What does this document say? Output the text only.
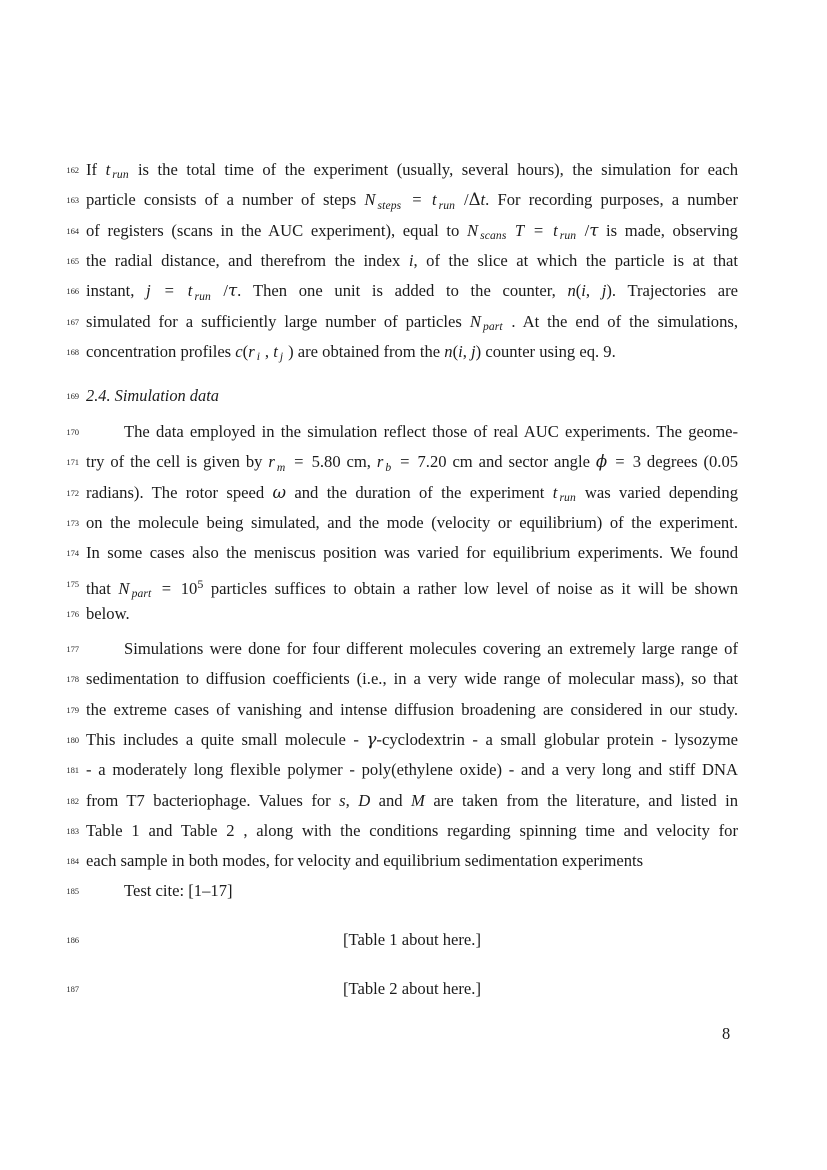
162
163
164
165
166
167
168
169
170
171
172
173
174
175
176
177
178
179
180
181
182
183
184
185
186
187
If t $_{run}$ is the total time of the experiment (usually, several hours), the simulation for each
particle consists of a number of steps N $_{steps}$ = t $_{run}$ /Δt. For recording purposes, a number
of registers (scans in the AUC experiment), equal to N $_{scans}$ T = t $_{run}$ /τ is made, observing
the radial distance, and therefrom the index i, of the slice at which the particle is at that
instant, j = t $_{run}$ /τ. Then one unit is added to the counter, n(i, j). Trajectories are
simulated for a sufficiently large number of particles N $_{part}$ . At the end of the simulations,
concentration profiles c(r $_i$ , t $_j$ ) are obtained from the n(i, j) counter using eq. 9.
2.4. Simulation data
The data employed in the simulation reflect those of real AUC experiments. The geome-
try of the cell is given by r $_m$ = 5.80 cm, r $_b$ = 7.20 cm and sector angle ϕ = 3 degrees (0.05
radians). The rotor speed ω and the duration of the experiment t $_{run}$ was varied depending
on the molecule being simulated, and the mode (velocity or equilibrium) of the experiment.
In some cases also the meniscus position was varied for equilibrium experiments. We found
that N $_{part} = 10^5$ particles suffices to obtain a rather low level of noise as it will be shown
below.
Simulations were done for four different molecules covering an extremely large range of
sedimentation to diffusion coefficients (i.e., in a very wide range of molecular mass), so that
the extreme cases of vanishing and intense diffusion broadening are considered in our study.
This includes a quite small molecule - γ-cyclodextrin - a small globular protein - lysozyme
- a moderately long flexible polymer - poly(ethylene oxide) - and a very long and stiff DNA
from T7 bacteriophage. Values for s, D and M are taken from the literature, and listed in
Table 1 and Table 2 , along with the conditions regarding spinning time and velocity for
each sample in both modes, for velocity and equilibrium sedimentation experiments
Test cite: [1–17]
[Table 1 about here.]
[Table 2 about here.]
8
